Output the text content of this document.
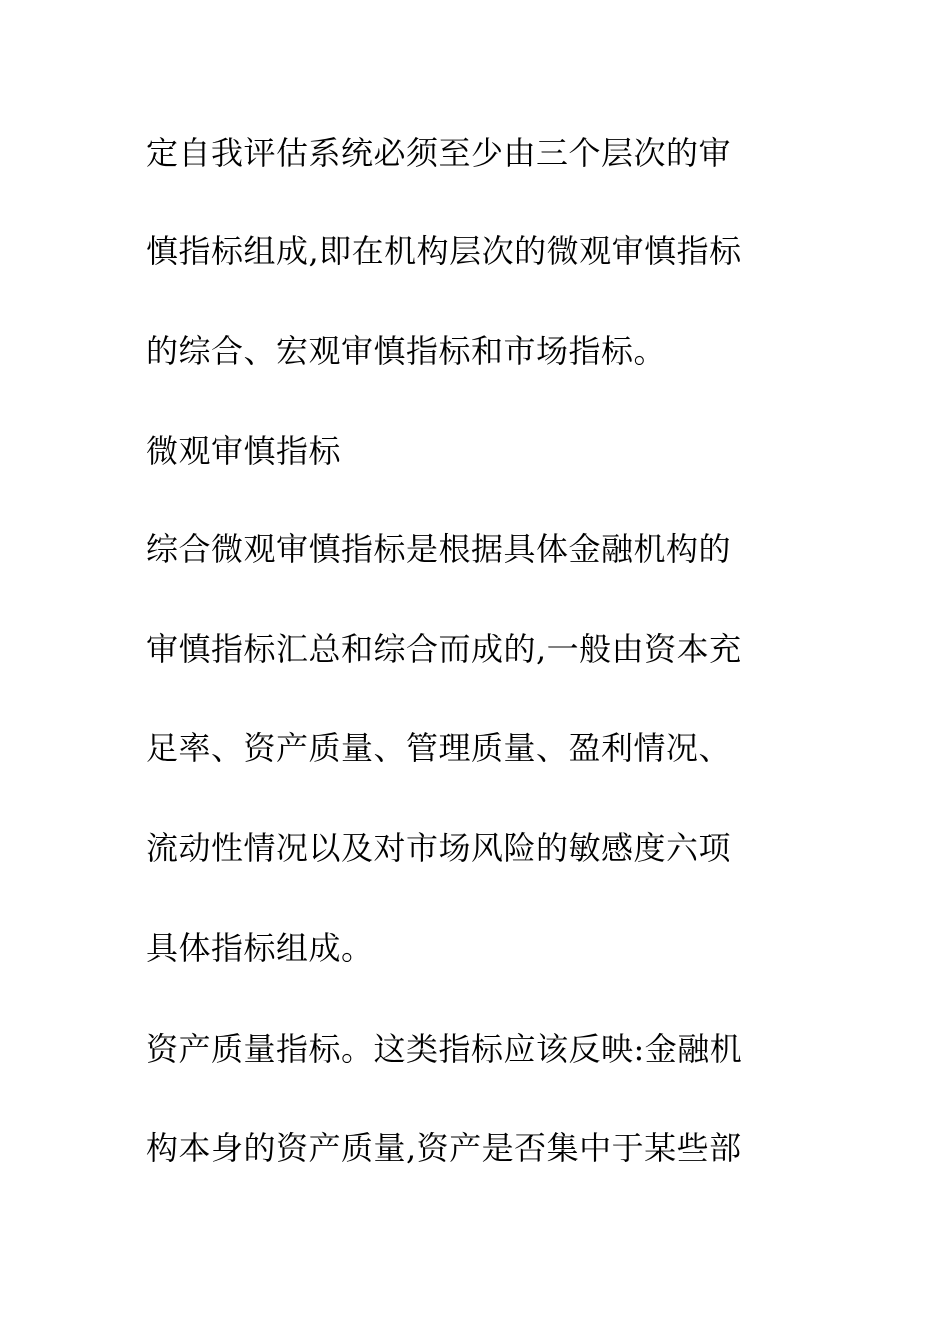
定自我评估系统必须至少由三个层次的审
慎指标组成,即在机构层次的微观审慎指标
的综合、宏观审慎指标和市场指标。
微观审慎指标
综合微观审慎指标是根据具体金融机构的
审慎指标汇总和综合而成的,一般由资本充
足率、资产质量、管理质量、盈利情况、
流动性情况以及对市场风险的敏感度六项
具体指标组成。
资产质量指标。这类指标应该反映:金融机
构本身的资产质量,资产是否集中于某些部
